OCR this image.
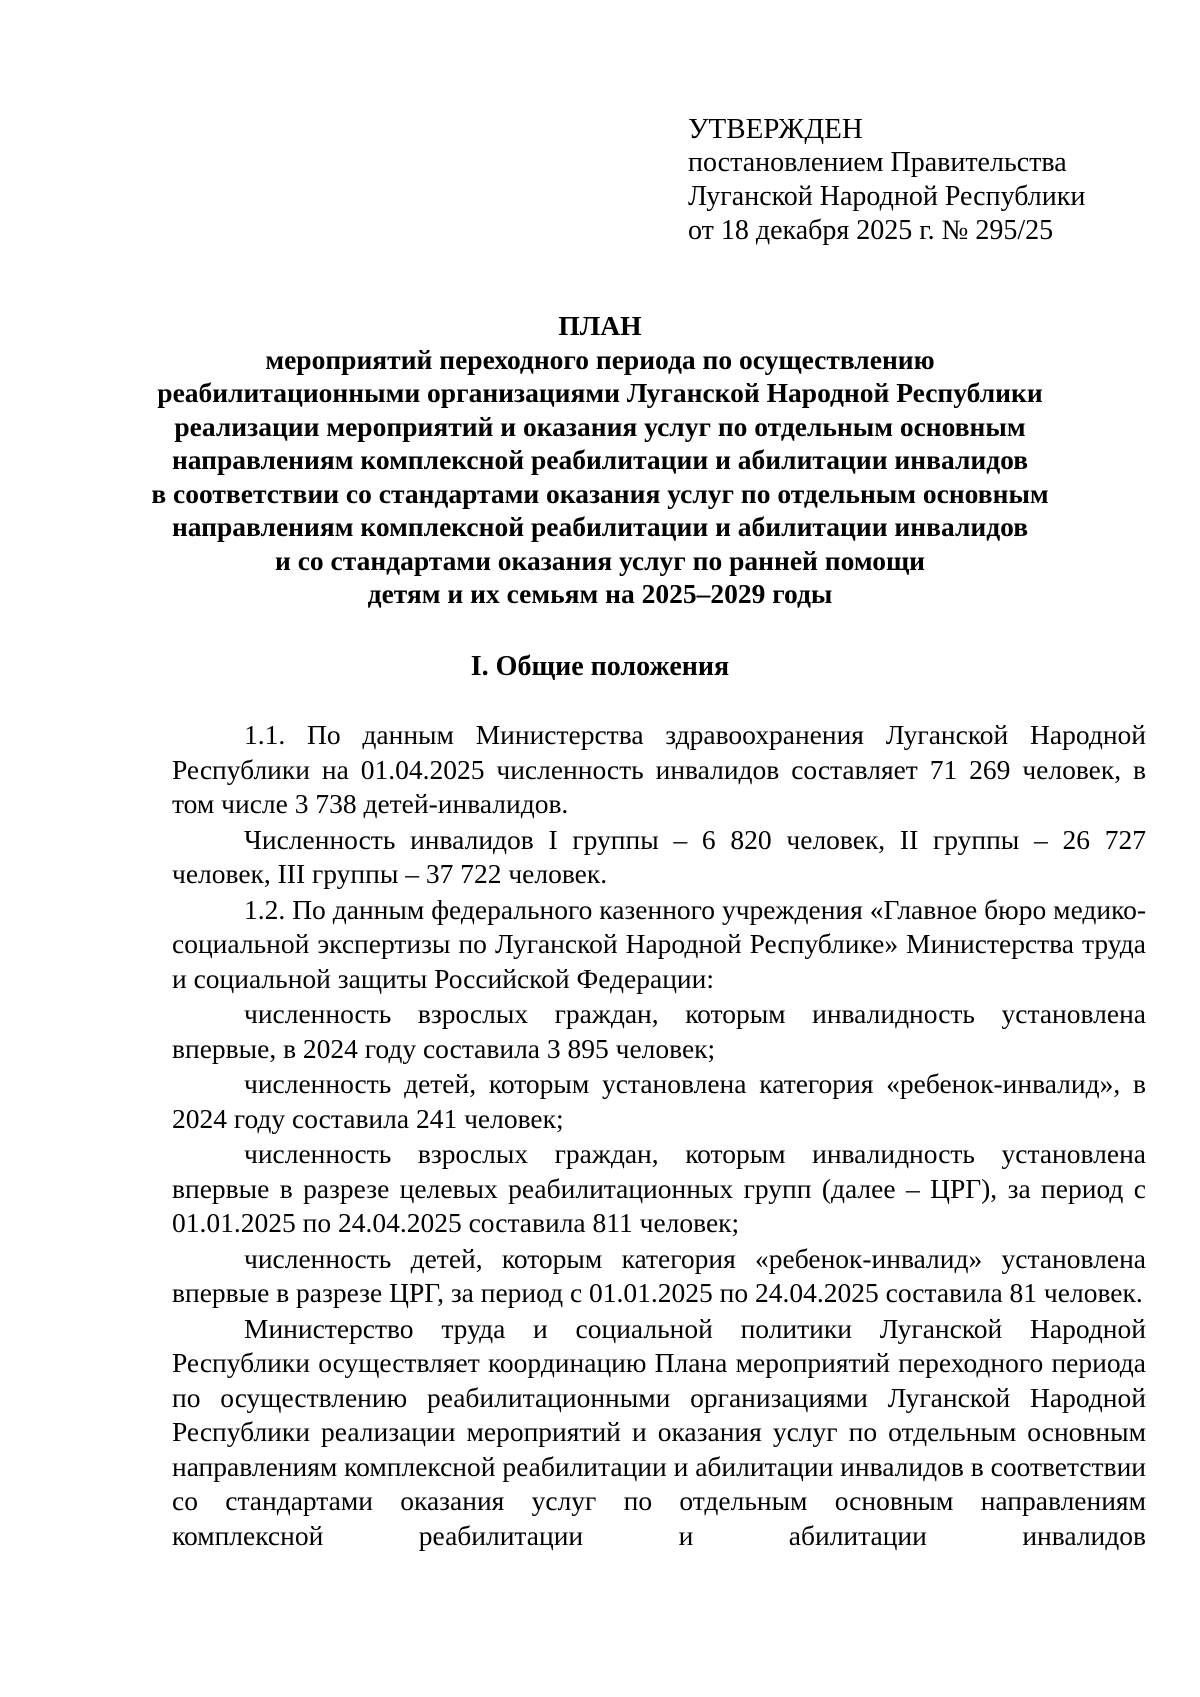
УТВЕРЖДЕН
постановлением Правительства
Луганской Народной Республики
от 18 декабря 2025 г. № 295/25
ПЛАН
мероприятий переходного периода по осуществлению
реабилитационными организациями Луганской Народной Республики
реализации мероприятий и оказания услуг по отдельным основным
направлениям комплексной реабилитации и абилитации инвалидов
в соответствии со стандартами оказания услуг по отдельным основным
направлениям комплексной реабилитации и абилитации инвалидов
и со стандартами оказания услуг по ранней помощи
детям и их семьям на 2025–2029 годы
I. Общие положения

1.1. По данным Министерства здравоохранения Луганской Народной Республики на 01.04.2025 численность инвалидов составляет 71 269 человек, в том числе 3 738 детей-инвалидов.

Численность инвалидов I группы – 6 820 человек, II группы – 26 727 человек, III группы – 37 722 человек.

1.2. По данным федерального казенного учреждения «Главное бюро медико-социальной экспертизы по Луганской Народной Республике» Министерства труда и социальной защиты Российской Федерации:

численность взрослых граждан, которым инвалидность установлена впервые, в 2024 году составила 3 895 человек;

численность детей, которым установлена категория «ребенок-инвалид», в 2024 году составила 241 человек;

численность взрослых граждан, которым инвалидность установлена впервые в разрезе целевых реабилитационных групп (далее – ЦРГ), за период с 01.01.2025 по 24.04.2025 составила 811 человек;

численность детей, которым категория «ребенок-инвалид» установлена впервые в разрезе ЦРГ, за период с 01.01.2025 по 24.04.2025 составила 81 человек.

Министерство труда и социальной политики Луганской Народной Республики осуществляет координацию Плана мероприятий переходного периода по осуществлению реабилитационными организациями Луганской Народной Республики реализации мероприятий и оказания услуг по отдельным основным направлениям комплексной реабилитации и абилитации инвалидов в соответствии со стандартами оказания услуг по отдельным основным направлениям комплексной реабилитации и абилитации инвалидов
